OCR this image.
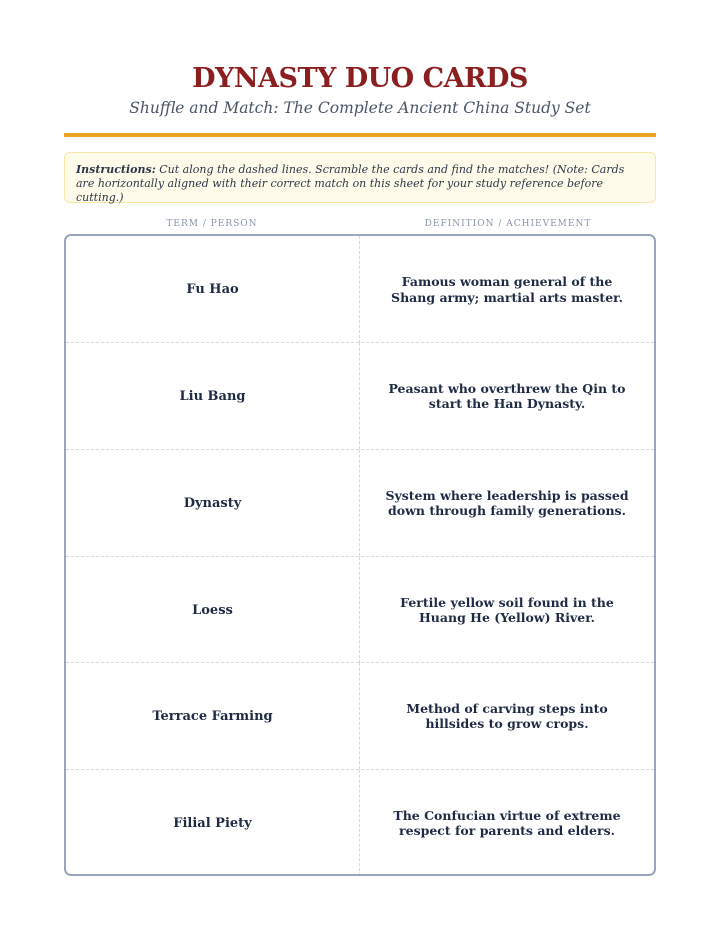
DYNASTY DUO CARDS
Shuffle and Match: The Complete Ancient China Study Set
Instructions: Cut along the dashed lines. Scramble the cards and find the matches! (Note: Cards are horizontally aligned with their correct match on this sheet for your study reference before cutting.)
TERM / PERSON	DEFINITION / ACHIEVEMENT
Fu Hao
Famous woman general of the Shang army; martial arts master.
Liu Bang
Peasant who overthrew the Qin to start the Han Dynasty.
Dynasty
System where leadership is passed down through family generations.
Loess
Fertile yellow soil found in the Huang He (Yellow) River.
Terrace Farming
Method of carving steps into hillsides to grow crops.
Filial Piety
The Confucian virtue of extreme respect for parents and elders.
